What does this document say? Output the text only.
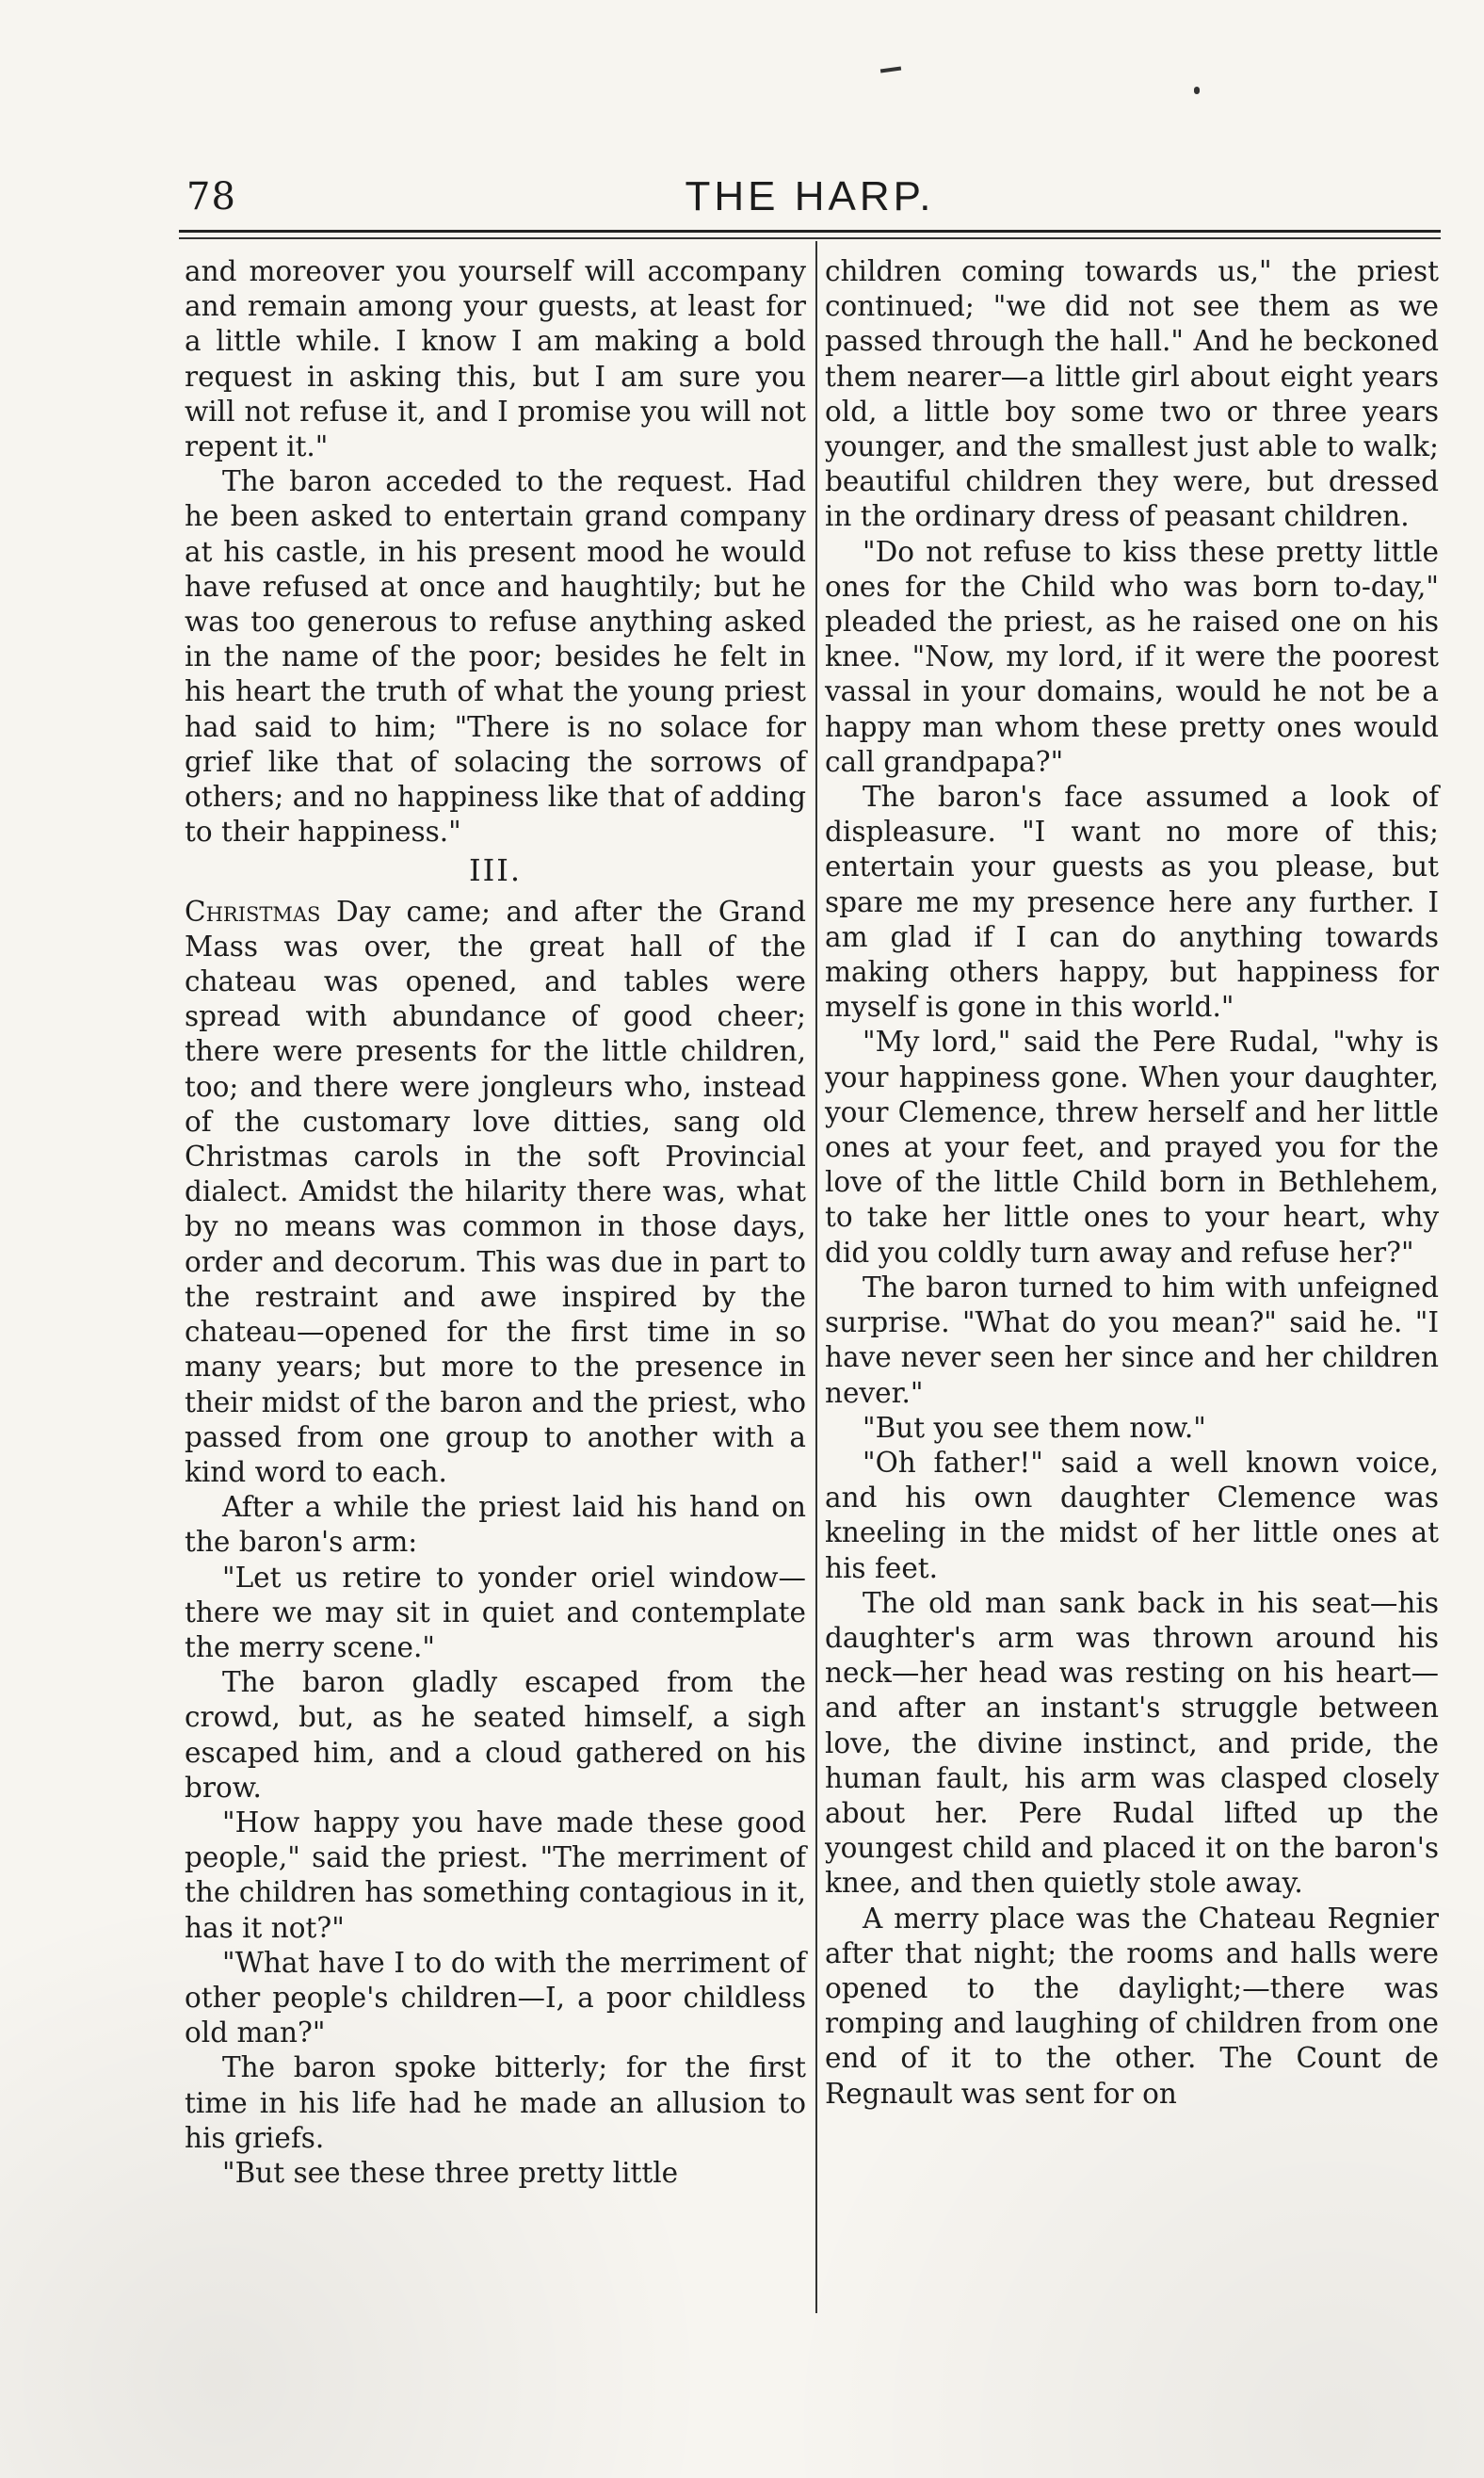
78	THE HARP.

and moreover you yourself will accompany and remain among your guests, at least for a little while. I know I am making a bold request in asking this, but I am sure you will not refuse it, and I promise you will not repent it."

The baron acceded to the request. Had he been asked to entertain grand company at his castle, in his present mood he would have refused at once and haughtily; but he was too generous to refuse anything asked in the name of the poor; besides he felt in his heart the truth of what the young priest had said to him; "There is no solace for grief like that of solacing the sorrows of others; and no happiness like that of adding to their happiness."

III.

Christmas Day came; and after the Grand Mass was over, the great hall of the chateau was opened, and tables were spread with abundance of good cheer; there were presents for the little children, too; and there were jongleurs who, instead of the customary love ditties, sang old Christmas carols in the soft Provincial dialect. Amidst the hilarity there was, what by no means was common in those days, order and decorum. This was due in part to the restraint and awe inspired by the chateau—opened for the first time in so many years; but more to the presence in their midst of the baron and the priest, who passed from one group to another with a kind word to each.

After a while the priest laid his hand on the baron's arm:

"Let us retire to yonder oriel window—there we may sit in quiet and contemplate the merry scene."

The baron gladly escaped from the crowd, but, as he seated himself, a sigh escaped him, and a cloud gathered on his brow.

"How happy you have made these good people," said the priest. "The merriment of the children has something contagious in it, has it not?"

"What have I to do with the merriment of other people's children—I, a poor childless old man?"

The baron spoke bitterly; for the first time in his life had he made an allusion to his griefs.

"But see these three pretty little

children coming towards us," the priest continued; "we did not see them as we passed through the hall." And he beckoned them nearer—a little girl about eight years old, a little boy some two or three years younger, and the smallest just able to walk; beautiful children they were, but dressed in the ordinary dress of peasant children.

"Do not refuse to kiss these pretty little ones for the Child who was born to-day," pleaded the priest, as he raised one on his knee. "Now, my lord, if it were the poorest vassal in your domains, would he not be a happy man whom these pretty ones would call grandpapa?"

The baron's face assumed a look of displeasure. "I want no more of this; entertain your guests as you please, but spare me my presence here any further. I am glad if I can do anything towards making others happy, but happiness for myself is gone in this world."

"My lord," said the Pere Rudal, "why is your happiness gone. When your daughter, your Clemence, threw herself and her little ones at your feet, and prayed you for the love of the little Child born in Bethlehem, to take her little ones to your heart, why did you coldly turn away and refuse her?"

The baron turned to him with unfeigned surprise. "What do you mean?" said he. "I have never seen her since and her children never."

"But you see them now."

"Oh father!" said a well known voice, and his own daughter Clemence was kneeling in the midst of her little ones at his feet.

The old man sank back in his seat—his daughter's arm was thrown around his neck—her head was resting on his heart—and after an instant's struggle between love, the divine instinct, and pride, the human fault, his arm was clasped closely about her. Pere Rudal lifted up the youngest child and placed it on the baron's knee, and then quietly stole away.

A merry place was the Chateau Regnier after that night; the rooms and halls were opened to the daylight;—there was romping and laughing of children from one end of it to the other. The Count de Regnault was sent for on
